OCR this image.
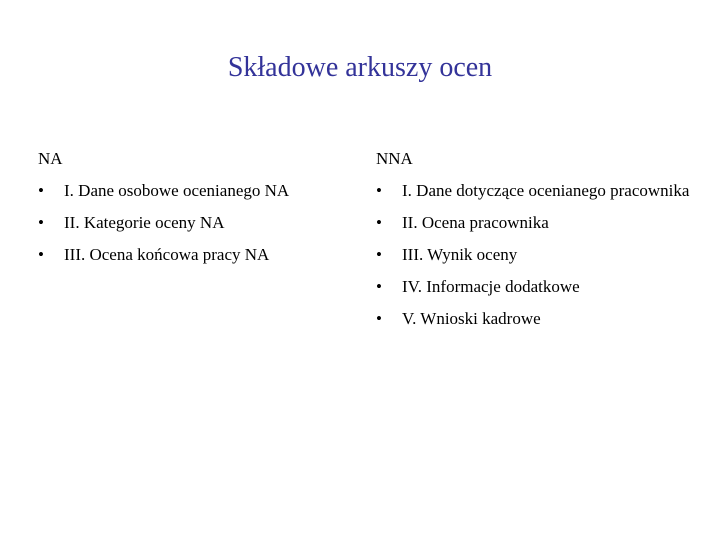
Składowe arkuszy ocen
NA
•	I. Dane osobowe ocenianego NA
•	II. Kategorie oceny NA
•	III. Ocena końcowa pracy NA
NNA
•	I. Dane dotyczące ocenianego pracownika
•	II. Ocena pracownika
•	III. Wynik oceny
•	IV. Informacje dodatkowe
•	V. Wnioski kadrowe
